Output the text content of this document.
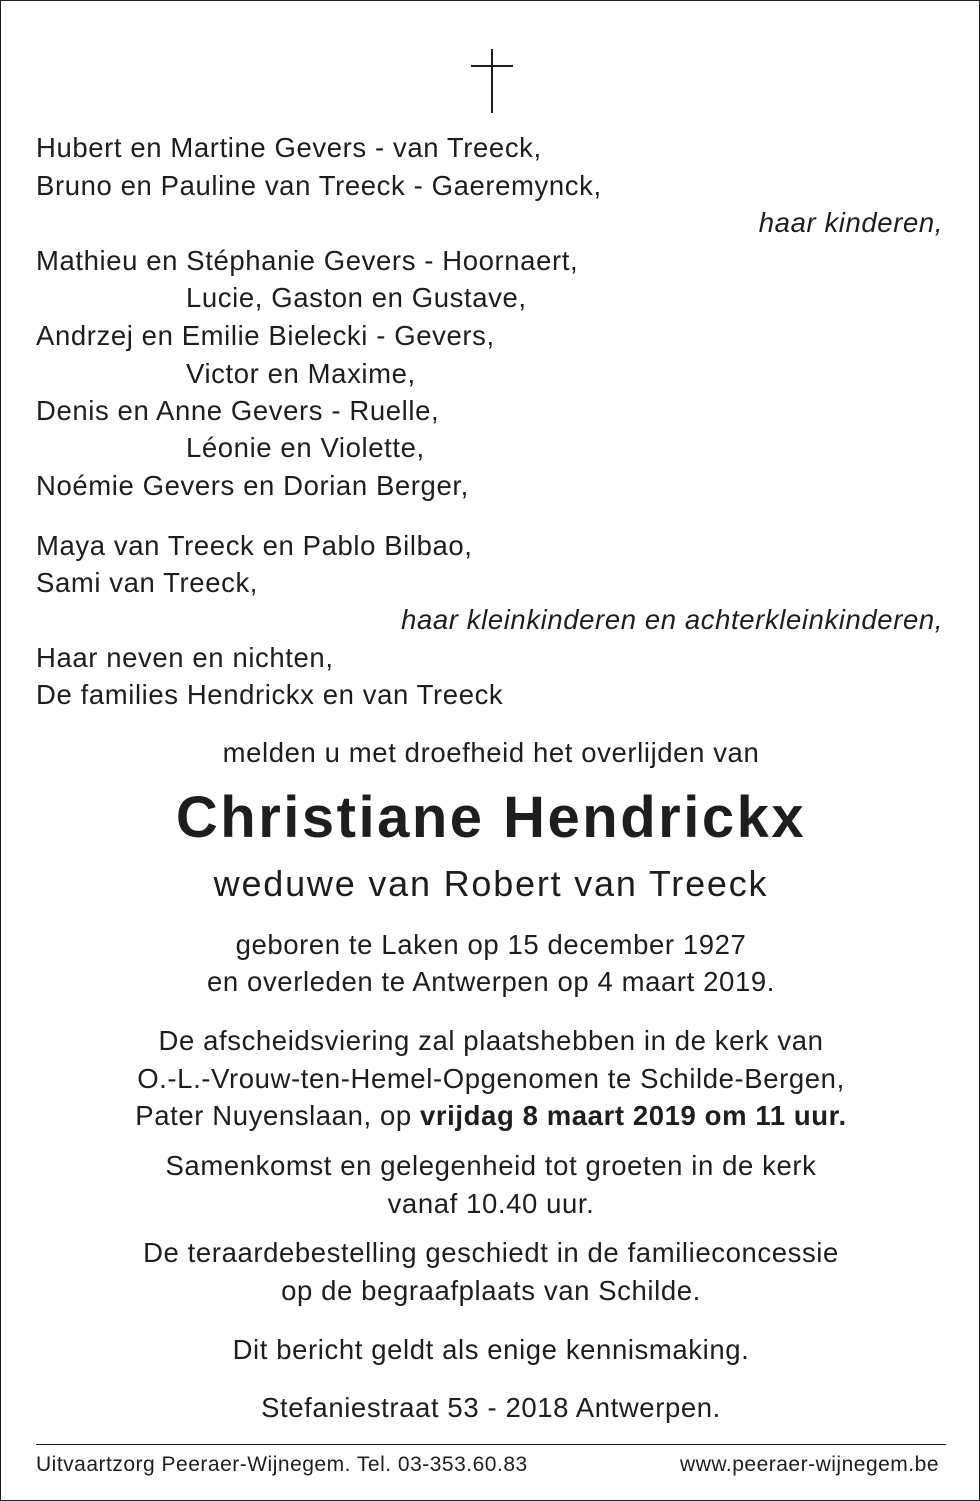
Hubert en Martine Gevers - van Treeck,
Bruno en Pauline van Treeck - Gaeremynck,
haar kinderen,
Mathieu en Stéphanie Gevers - Hoornaert,
Lucie, Gaston en Gustave,
Andrzej en Emilie Bielecki - Gevers,
Victor en Maxime,
Denis en Anne Gevers - Ruelle,
Léonie en Violette,
Noémie Gevers en Dorian Berger,
Maya van Treeck en Pablo Bilbao,
Sami van Treeck,
haar kleinkinderen en achterkleinkinderen,
Haar neven en nichten,
De families Hendrickx en van Treeck
melden u met droefheid het overlijden van
Christiane Hendrickx
weduwe van Robert van Treeck
geboren te Laken op 15 december 1927
en overleden te Antwerpen op 4 maart 2019.
De afscheidsviering zal plaatshebben in de kerk van
O.-L.-Vrouw-ten-Hemel-Opgenomen te Schilde-Bergen,
Pater Nuyenslaan, op vrijdag 8 maart 2019 om 11 uur.
Samenkomst en gelegenheid tot groeten in de kerk
vanaf 10.40 uur.
De teraardebestelling geschiedt in de familieconcessie
op de begraafplaats van Schilde.
Dit bericht geldt als enige kennismaking.
Stefaniestraat 53 - 2018 Antwerpen.
Uitvaartzorg Peeraer-Wijnegem. Tel. 03-353.60.83	www.peeraer-wijnegem.be
